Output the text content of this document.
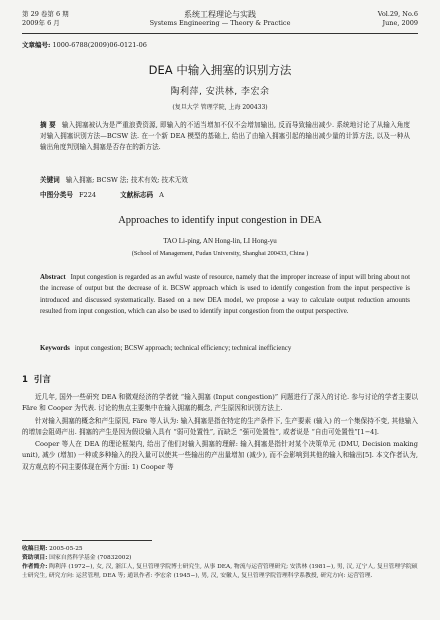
第 29 卷第 6 期
2009年 6 月
系统工程理论与实践
Systems Engineering — Theory & Practice
Vol.29, No.6
June, 2009
文章编号: 1000-6788(2009)06-0121-06
DEA 中输入拥塞的识别方法
陶利萍, 安洪林, 李宏余
(复旦大学 管理学院, 上海 200433)
摘 要 输入拥塞被认为是严重浪费资源, 即输入的不适当增加不仅不会增加输出, 反而导致输出减少. 系统地讨论了从输入角度对输入拥塞识别方法—BCSW 法. 在一个新 DEA 模型的基础上, 给出了由输入拥塞引起的输出减少量的计算方法, 以及一种从输出角度判别输入拥塞是否存在的新方法.
关键词 输入拥塞; BCSW 法; 技术有效; 技术无效
中图分类号 F224	文献标志码 A
Approaches to identify input congestion in DEA
TAO Li-ping, AN Hong-lin, LI Hong-yu
(School of Management, Fudan University, Shanghai 200433, China )
Abstract Input congestion is regarded as an awful waste of resource, namely that the improper increase of input will bring about not the increase of output but the decrease of it. BCSW approach which is used to identify congestion from the input perspective is introduced and discussed systematically. Based on a new DEA model, we propose a way to calculate output reduction amounts resulted from input congestion, which can also be used to identify input congestion from the output perspective.
Keywords input congestion; BCSW approach; technical efficiency; technical inefficiency
1 引言

近几年, 国外一些研究 DEA 和微观经济的学者就 “输入拥塞 (Input congestion)” 问题进行了深入的讨论. 参与讨论的学者主要以 Färe 和 Cooper 为代表. 讨论的焦点主要集中在输入拥塞的概念, 产生原因和识别方法上.

针对输入拥塞的概念和产生原因, Färe 等人认为: 输入拥塞是指在特定的生产条件下, 生产要素 (输入) 的一个集保持不变, 其他输入的增加会阻碍产出. 拥塞的产生是因为假设输入具有 “弱可处置性”, 而缺乏 “强可处置性”, 或者说是 “自由可处置性”[1−4].

Cooper 等人在 DEA 的理论框架内, 给出了他们对输入拥塞的理解: 输入拥塞是指针对某个决策单元 (DMU, Decision making unit), 减少 (增加) 一种或多种输入的投入量可以使其一些输出的产出量增加 (减少), 而不会影响到其他的输入和输出[5]. 本文作者认为, 双方观点的不同主要体现在两个方面: 1) Cooper 等

收稿日期: 2005-05-25
资助项目: 国家自然科学基金 (70832002)
作者简介: 陶利萍 (1972−), 女, 汉, 浙江人, 复旦管理学院博士研究生, 从事 DEA, 物流与运营管理研究; 安洪林 (1981−), 男, 汉, 辽宁人, 复旦管理学院硕士研究生, 研究方向: 运营管理, DEA 等; 通讯作者: 李宏余 (1945−), 男, 汉, 安徽人, 复旦管理学院管理科学系教授, 研究方向: 运营管理.
